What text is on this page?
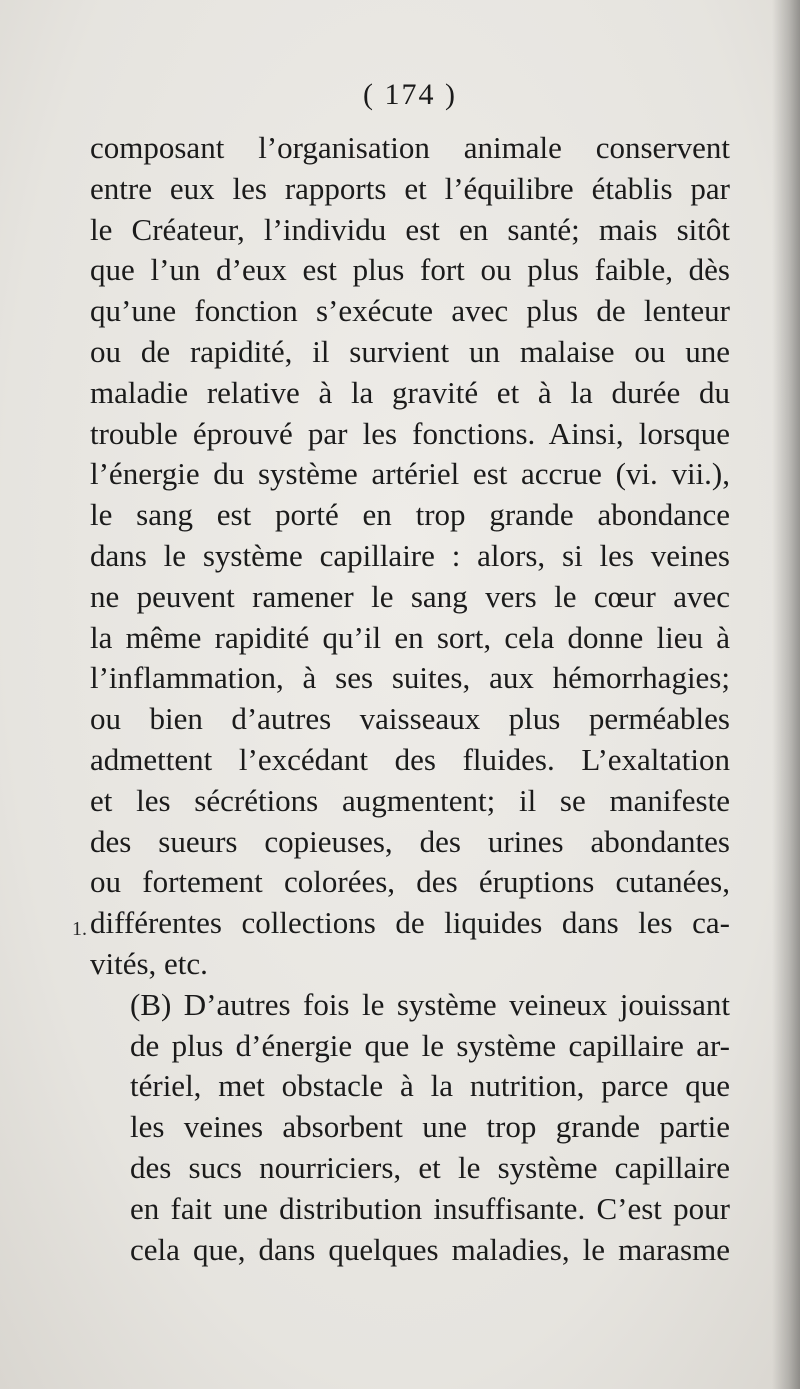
( 174 )
1.
composant l’organisation animale conservent
entre eux les rapports et l’équilibre établis par
le Créateur, l’individu est en santé; mais sitôt
que l’un d’eux est plus fort ou plus faible, dès
qu’une fonction s’exécute avec plus de lenteur
ou de rapidité, il survient un malaise ou une
maladie relative à la gravité et à la durée du
trouble éprouvé par les fonctions. Ainsi, lorsque
l’énergie du système artériel est accrue (vi. vii.),
le sang est porté en trop grande abondance
dans le système capillaire : alors, si les veines
ne peuvent ramener le sang vers le cœur avec
la même rapidité qu’il en sort, cela donne lieu à
l’inflammation, à ses suites, aux hémorrhagies;
ou bien d’autres vaisseaux plus perméables
admettent l’excédant des fluides. L’exaltation
et les sécrétions augmentent; il se manifeste
des sueurs copieuses, des urines abondantes
ou fortement colorées, des éruptions cutanées,
différentes collections de liquides dans les ca-
vités, etc.
(B) D’autres fois le système veineux jouissant
de plus d’énergie que le système capillaire ar-
tériel, met obstacle à la nutrition, parce que
les veines absorbent une trop grande partie
des sucs nourriciers, et le système capillaire
en fait une distribution insuffisante. C’est pour
cela que, dans quelques maladies, le marasme
